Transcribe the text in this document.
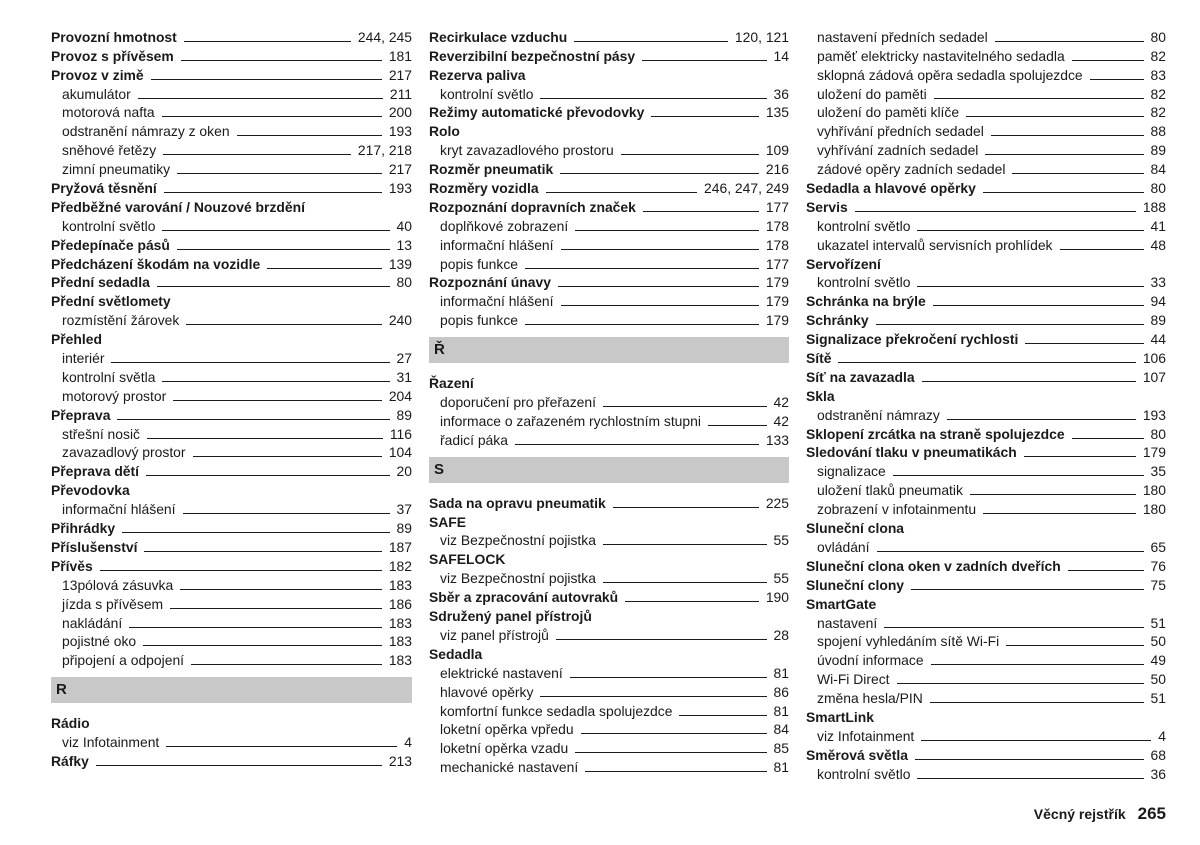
Provozní hmotnost	244, 245
Provoz s přívěsem	181
Provoz v zimě	217
akumulátor	211
motorová nafta	200
odstranění námrazy z oken	193
sněhové řetězy	217, 218
zimní pneumatiky	217
Pryžová těsnění	193
Předběžné varování / Nouzové brzdění
kontrolní světlo	40
Předepínače pásů	13
Předcházení škodám na vozidle	139
Přední sedadla	80
Přední světlomety
rozmístění žárovek	240
Přehled
interiér	27
kontrolní světla	31
motorový prostor	204
Přeprava	89
střešní nosič	116
zavazadlový prostor	104
Přeprava dětí	20
Převodovka
informační hlášení	37
Přihrádky	89
Příslušenství	187
Přívěs	182
13pólová zásuvka	183
jízda s přívěsem	186
nakládání	183
pojistné oko	183
připojení a odpojení	183
R
Rádio
viz Infotainment	4
Ráfky	213
Recirkulace vzduchu	120, 121
Reverzibilní bezpečnostní pásy	14
Rezerva paliva
kontrolní světlo	36
Režimy automatické převodovky	135
Rolo
kryt zavazadlového prostoru	109
Rozměr pneumatik	216
Rozměry vozidla	246, 247, 249
Rozpoznání dopravních značek	177
doplňkové zobrazení	178
informační hlášení	178
popis funkce	177
Rozpoznání únavy	179
informační hlášení	179
popis funkce	179
Ř
Řazení
doporučení pro přeřazení	42
informace o zařazeném rychlostním stupni	42
řadicí páka	133
S
Sada na opravu pneumatik	225
SAFE
viz Bezpečnostní pojistka	55
SAFELOCK
viz Bezpečnostní pojistka	55
Sběr a zpracování autovraků	190
Sdružený panel přístrojů
viz panel přístrojů	28
Sedadla
elektrické nastavení	81
hlavové opěrky	86
komfortní funkce sedadla spolujezdce	81
loketní opěrka vpředu	84
loketní opěrka vzadu	85
mechanické nastavení	81
nastavení předních sedadel	80
paměť elektricky nastavitelného sedadla	82
sklopná zádová opěra sedadla spolujezdce	83
uložení do paměti	82
uložení do paměti klíče	82
vyhřívání předních sedadel	88
vyhřívání zadních sedadel	89
zádové opěry zadních sedadel	84
Sedadla a hlavové opěrky	80
Servis	188
kontrolní světlo	41
ukazatel intervalů servisních prohlídek	48
Servořízení
kontrolní světlo	33
Schránka na brýle	94
Schránky	89
Signalizace překročení rychlosti	44
Sítě	106
Síť na zavazadla	107
Skla
odstranění námrazy	193
Sklopení zrcátka na straně spolujezdce	80
Sledování tlaku v pneumatikách	179
signalizace	35
uložení tlaků pneumatik	180
zobrazení v infotainmentu	180
Sluneční clona
ovládání	65
Sluneční clona oken v zadních dveřích	76
Sluneční clony	75
SmartGate
nastavení	51
spojení vyhledáním sítě Wi-Fi	50
úvodní informace	49
Wi-Fi Direct	50
změna hesla/PIN	51
SmartLink
viz Infotainment	4
Směrová světla	68
kontrolní světlo	36
Věcný rejstřík 265
